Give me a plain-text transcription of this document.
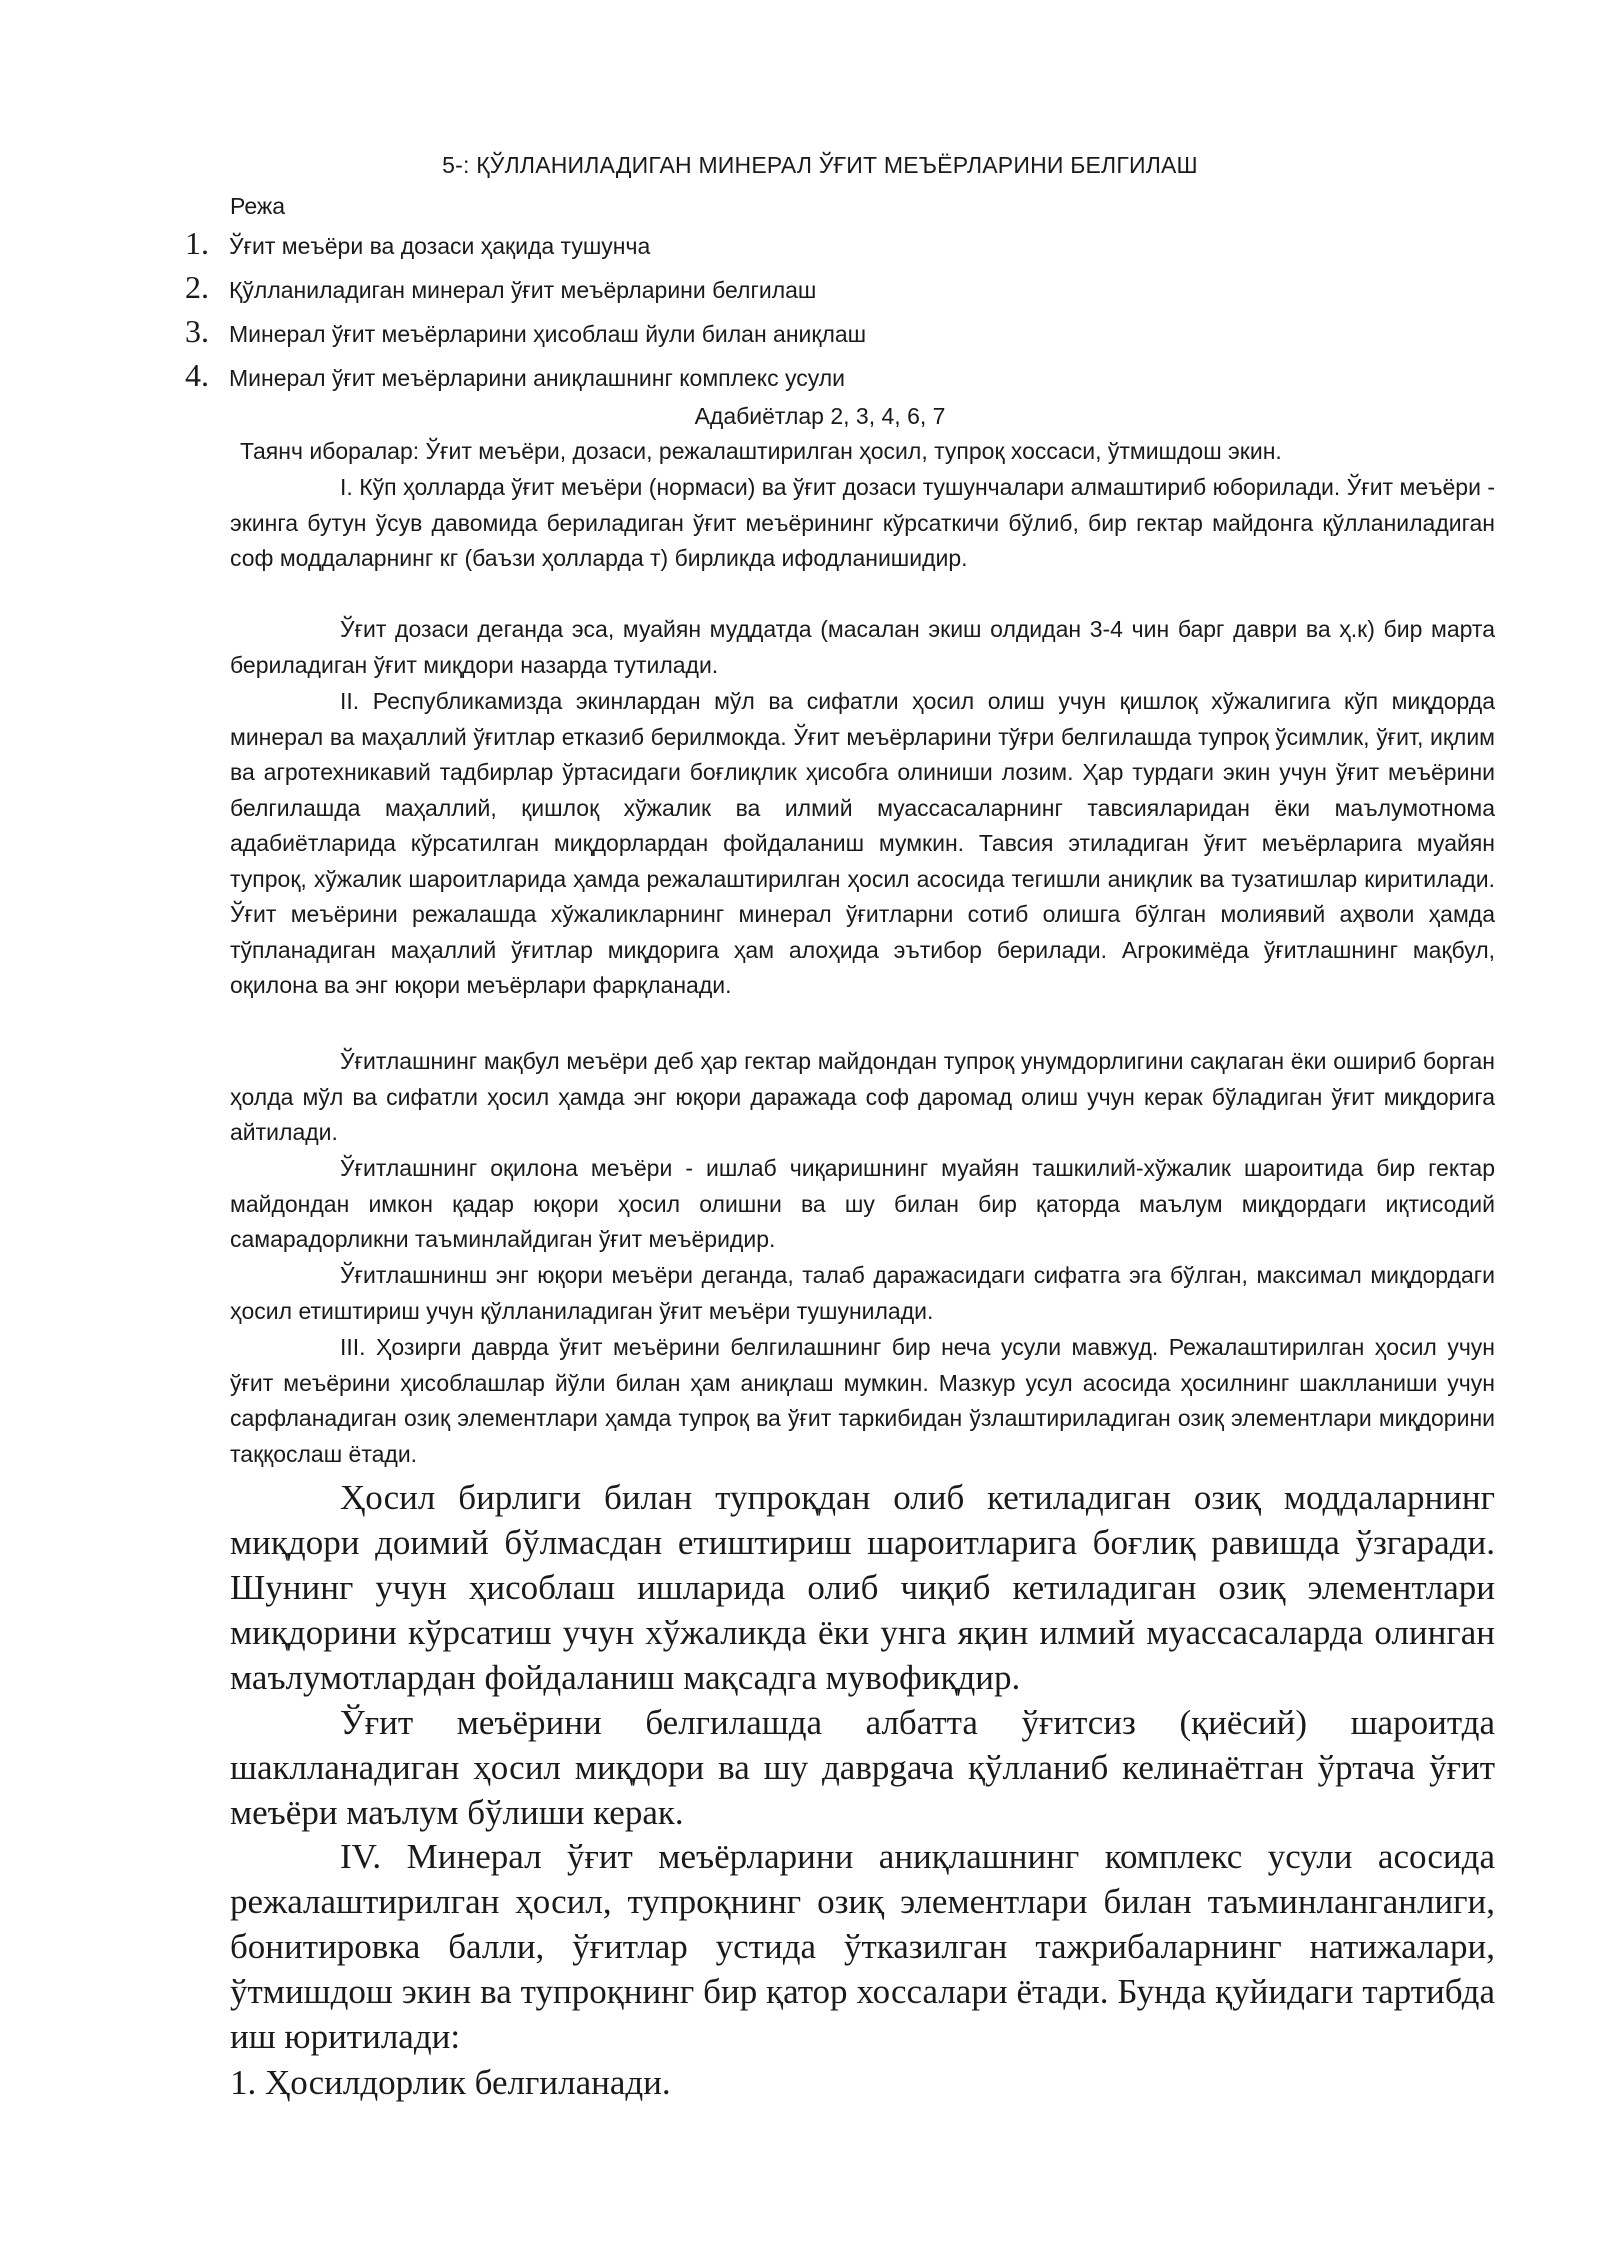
5-: ҚЎЛЛАНИЛАДИГАН МИНЕРАЛ ЎҒИТ МЕЪЁРЛАРИНИ БЕЛГИЛАШ
Режа
1. Ўғит меъёри ва дозаси ҳақида тушунча
2. Қўлланиладиган минерал ўғит меъёрларини белгилаш
3. Минерал ўғит меъёрларини ҳисоблаш йули билан аниқлаш
4. Минерал ўғит меъёрларини аниқлашнинг комплекс усули
Адабиётлар 2, 3, 4, 6, 7
Таянч иборалар: Ўғит меъёри, дозаси, режалаштирилган ҳосил, тупроқ хоссаси, ўтмишдош экин.

I. Кўп ҳолларда ўғит меъёри (нормаси) ва ўғит дозаси тушунчалари алмаштириб юборилади. Ўғит меъёри - экинга бутун ўсув давомида бериладиган ўғит меъёрининг кўрсаткичи бўлиб, бир гектар майдонга қўлланиладиган соф моддаларнинг кг (баъзи ҳолларда т) бирликда ифодланишидир.

Ўғит дозаси деганда эса, муайян муддатда (масалан экиш олдидан 3-4 чин барг даври ва ҳ.к) бир марта бериладиган ўғит миқдори назарда тутилади.

II. Республикамизда экинлардан мўл ва сифатли ҳосил олиш учун қишлоқ хўжалигига кўп миқдорда минерал ва маҳаллий ўғитлар етказиб берилмокда. Ўғит меъёрларини тўғри белгилашда тупроқ ўсимлик, ўғит, иқлим ва агротехникавий тадбирлар ўртасидаги боғлиқлик ҳисобга олиниши лозим. Ҳар турдаги экин учун ўғит меъёрини белгилашда маҳаллий, қишлоқ хўжалик ва илмий муассасаларнинг тавсияларидан ёки маълумотнома адабиётларида кўрсатилган миқдорлардан фойдаланиш мумкин. Тавсия этиладиган ўғит меъёрларига муайян тупроқ, хўжалик шароитларида ҳамда режалаштирилган ҳосил асосида тегишли аниқлик ва тузатишлар киритилади. Ўғит меъёрини режалашда хўжаликларнинг минерал ўғитларни сотиб олишга бўлган молиявий аҳволи ҳамда тўпланадиган маҳаллий ўғитлар миқдорига ҳам алоҳида эътибор берилади. Агрокимёда ўғитлашнинг мақбул, оқилона ва энг юқори меъёрлари фарқланади.

Ўғитлашнинг мақбул меъёри деб ҳар гектар майдондан тупроқ унумдорлигини сақлаган ёки ошириб борган ҳолда мўл ва сифатли ҳосил ҳамда энг юқори даражада соф даромад олиш учун керак бўладиган ўғит миқдорига айтилади.

Ўғитлашнинг оқилона меъёри - ишлаб чиқаришнинг муайян ташкилий-хўжалик шароитида бир гектар майдондан имкон қадар юқори ҳосил олишни ва шу билан бир қаторда маълум миқдордаги иқтисодий самарадорликни таъминлайдиган ўғит меъёридир.

Ўғитлашнинш энг юқори меъёри деганда, талаб даражасидаги сифатга эга бўлган, максимал миқдордаги ҳосил етиштириш учун қўлланиладиган ўғит меъёри тушунилади.

III. Ҳозирги даврда ўғит меъёрини белгилашнинг бир неча усули мавжуд. Режалаштирилган ҳосил учун ўғит меъёрини ҳисоблашлар йўли билан ҳам аниқлаш мумкин. Мазкур усул асосида ҳосилнинг шаклланиши учун сарфланадиган озиқ элементлари ҳамда тупроқ ва ўғит таркибидан ўзлаштириладиган озиқ элементлари миқдорини таққослаш ётади.

Ҳосил бирлиги билан тупроқдан олиб кетиладиган озиқ моддаларнинг миқдори доимий бўлмасдан етиштириш шароитларига боғлиқ равишда ўзгаради. Шунинг учун ҳисоблаш ишларида олиб чиқиб кетиладиган озиқ элементлари миқдорини кўрсатиш учун хўжаликда ёки унга яқин илмий муассасаларда олинган маълумотлардан фойдаланиш мақсадга мувофиқдир.

Ўғит меъёрини белгилашда албатта ўғитсиз (қиёсий) шароитда шаклланадиган ҳосил миқдори ва шу даврgача қўлланиб келинаётган ўртача ўғит меъёри маълум бўлиши керак.

IV. Минерал ўғит меъёрларини аниқлашнинг комплекс усули асосида режалаштирилган ҳосил, тупроқнинг озиқ элементлари билан таъминланганлиги, бонитировка балли, ўғитлар устида ўтказилган тажрибаларнинг натижалари, ўтмишдош экин ва тупроқнинг бир қатор хоссалари ётади. Бунда қуйидаги тартибда иш юритилади:

1. Ҳосилдорлик белгиланади.
